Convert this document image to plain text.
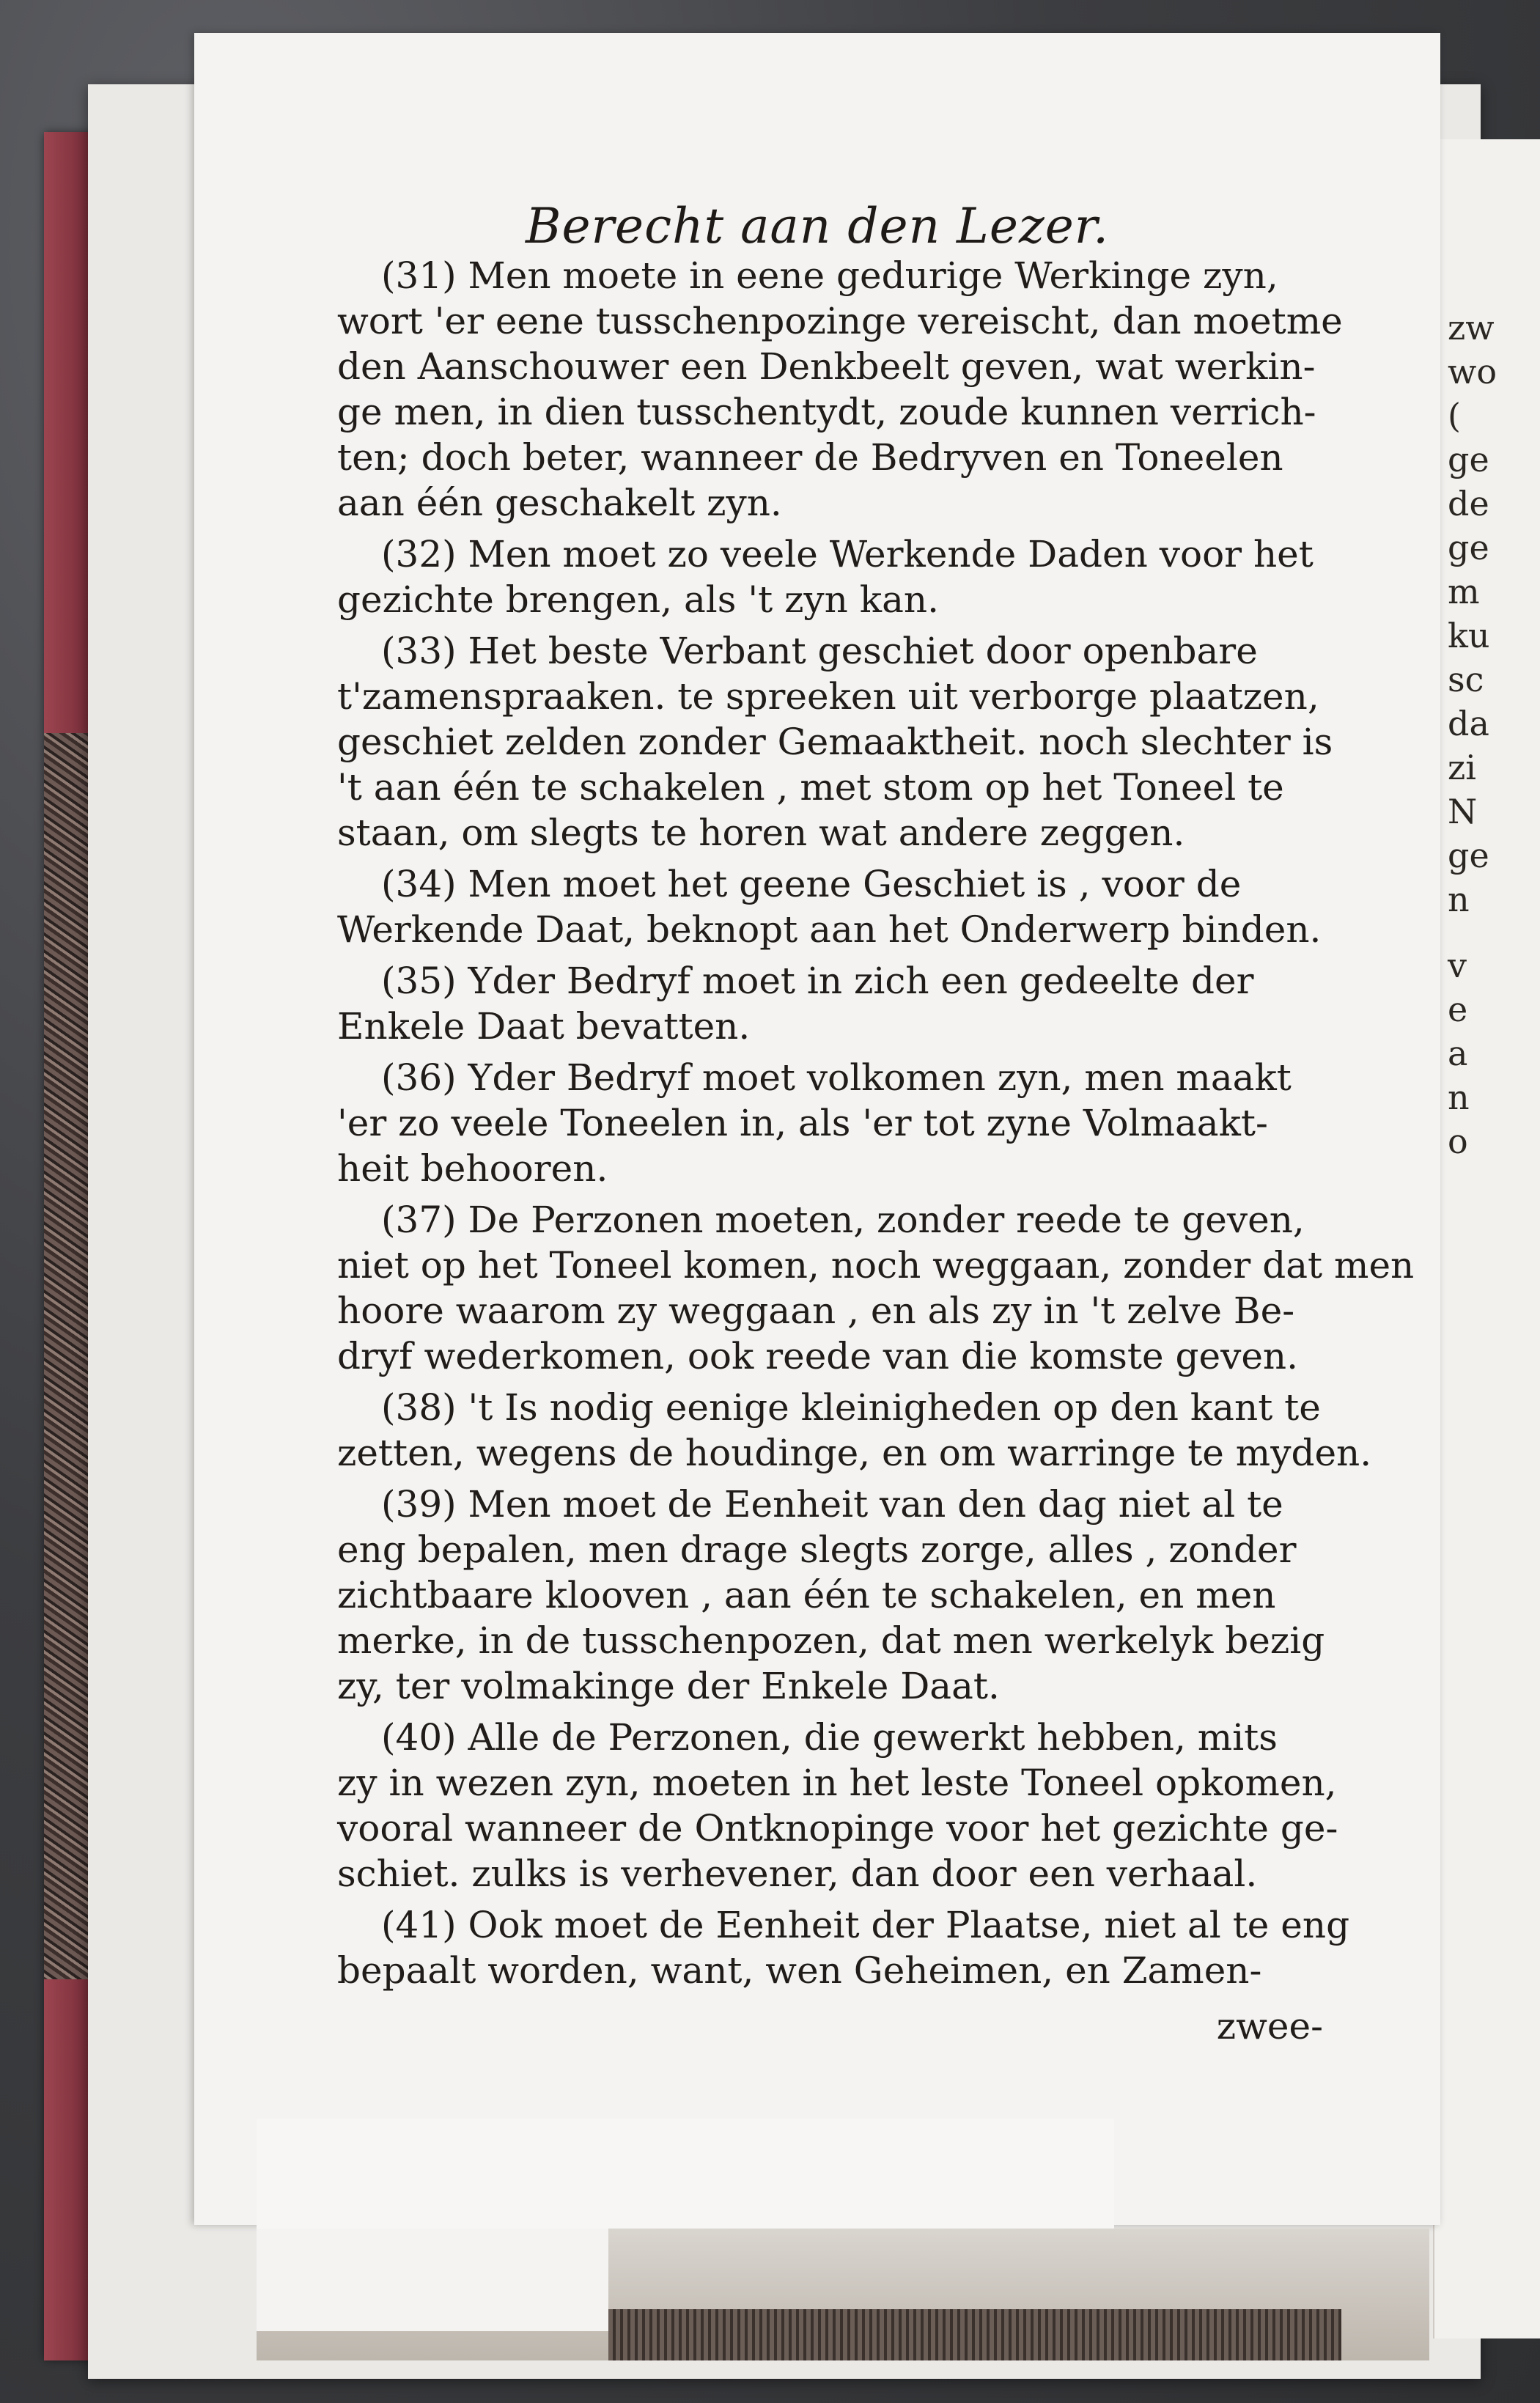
zw
wo
(
ge
de
ge
m
ku
sc
da
zi
N
ge
n
v
e
a
n
o
Berecht aan den Lezer.
(31) Men moete in eene gedurige Werkinge zyn,
wort 'er eene tusschenpozinge vereischt, dan moetme
den Aanschouwer een Denkbeelt geven, wat werkin-
ge men, in dien tusschentydt, zoude kunnen verrich-
ten; doch beter, wanneer de Bedryven en Toneelen
aan één geschakelt zyn.
(32) Men moet zo veele Werkende Daden voor het
gezichte brengen, als 't zyn kan.
(33) Het beste Verbant geschiet door openbare
t'zamenspraaken. te spreeken uit verborge plaatzen,
geschiet zelden zonder Gemaaktheit. noch slechter is
't aan één te schakelen , met stom op het Toneel te
staan, om slegts te horen wat andere zeggen.
(34) Men moet het geene Geschiet is , voor de
Werkende Daat, beknopt aan het Onderwerp binden.
(35) Yder Bedryf moet in zich een gedeelte der
Enkele Daat bevatten.
(36) Yder Bedryf moet volkomen zyn, men maakt
'er zo veele Toneelen in, als 'er tot zyne Volmaakt-
heit behooren.
(37) De Perzonen moeten, zonder reede te geven,
niet op het Toneel komen, noch weggaan, zonder dat men
hoore waarom zy weggaan , en als zy in 't zelve Be-
dryf wederkomen, ook reede van die komste geven.
(38) 't Is nodig eenige kleinigheden op den kant te
zetten, wegens de houdinge, en om warringe te myden.
(39) Men moet de Eenheit van den dag niet al te
eng bepalen, men drage slegts zorge, alles , zonder
zichtbaare klooven , aan één te schakelen, en men
merke, in de tusschenpozen, dat men werkelyk bezig
zy, ter volmakinge der Enkele Daat.
(40) Alle de Perzonen, die gewerkt hebben, mits
zy in wezen zyn, moeten in het leste Toneel opkomen,
vooral wanneer de Ontknopinge voor het gezichte ge-
schiet. zulks is verhevener, dan door een verhaal.
(41) Ook moet de Eenheit der Plaatse, niet al te eng
bepaalt worden, want, wen Geheimen, en Zamen-
zwee-
